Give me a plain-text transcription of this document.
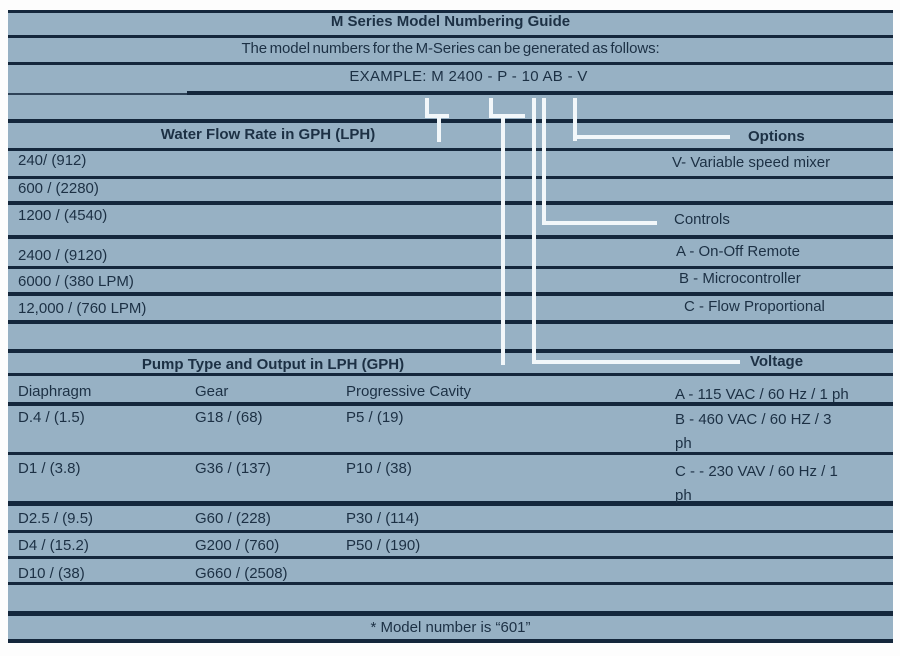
M Series Model Numbering Guide
The model numbers for the M-Series can be generated as follows:
EXAMPLE: M 2400 - P - 10 AB - V
Water Flow Rate in GPH (LPH)
240/ (912)
600 / (2280)
1200 / (4540)
2400 / (9120)
6000 / (380 LPM)
12,000 / (760 LPM)
Options
V- Variable speed mixer
Controls
A - On-Off Remote
B - Microcontroller
C - Flow Proportional
Pump Type and Output in LPH (GPH)
Diaphragm	Gear	Progressive Cavity
D.4 / (1.5)	G18 / (68)	P5 / (19)
D1 / (3.8)	G36 / (137)	P10 / (38)
D2.5 / (9.5)	G60 / (228)	P30 / (114)
D4 / (15.2)	G200 / (760)	P50 / (190)
D10 / (38)	G660 / (2508)
Voltage
A - 115 VAC / 60 Hz / 1 ph
B - 460 VAC / 60 HZ / 3
ph
C - - 230 VAV / 60 Hz / 1
ph
* Model number is “601”
